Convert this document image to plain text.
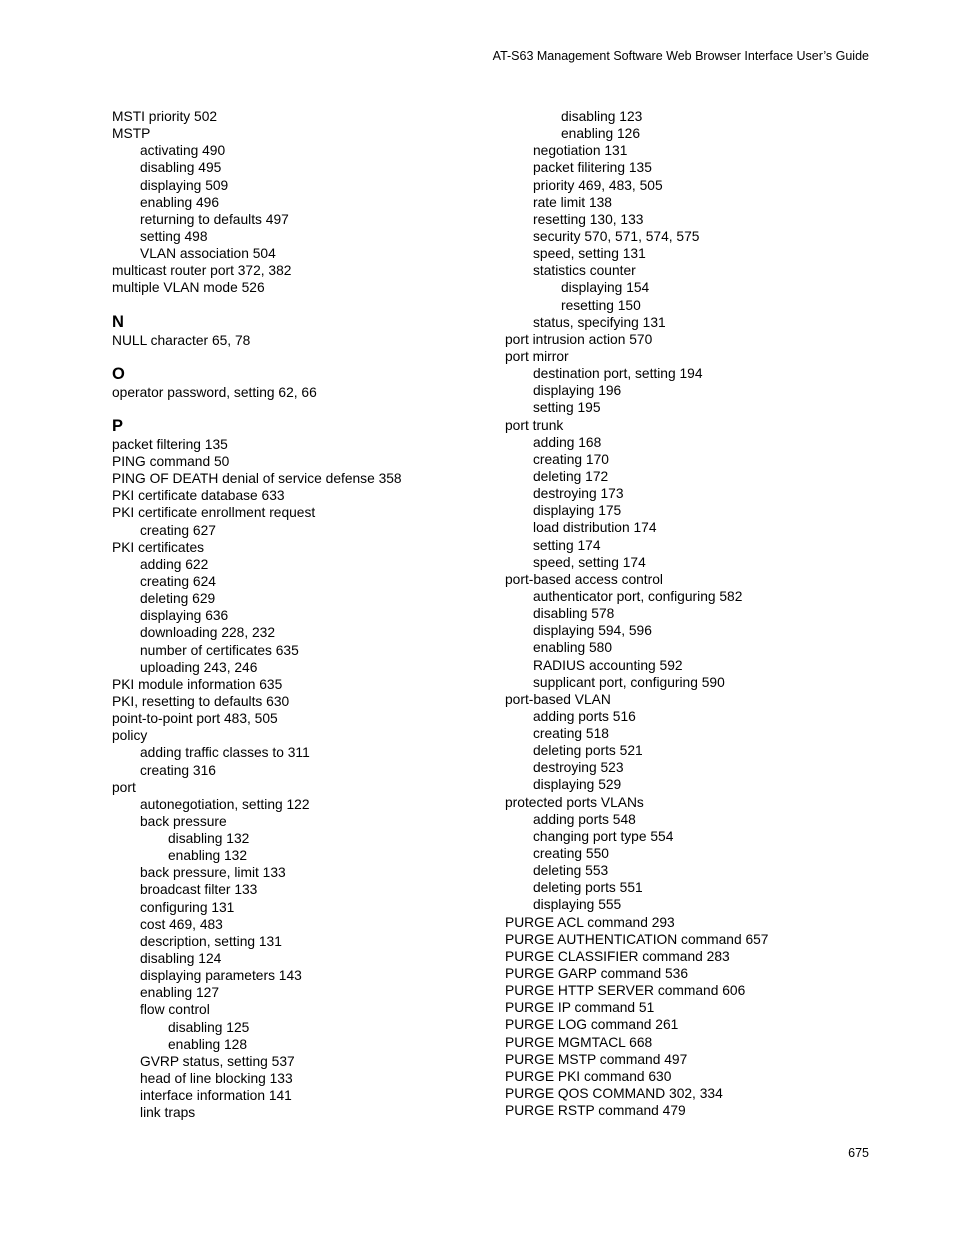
AT-S63 Management Software Web Browser Interface User’s Guide
MSTI priority 502
MSTP
activating 490
disabling 495
displaying 509
enabling 496
returning to defaults 497
setting 498
VLAN association 504
multicast router port 372, 382
multiple VLAN mode 526
N
NULL character 65, 78
O
operator password, setting 62, 66
P
packet filtering 135
PING command 50
PING OF DEATH denial of service defense 358
PKI certificate database 633
PKI certificate enrollment request
creating 627
PKI certificates
adding 622
creating 624
deleting 629
displaying 636
downloading 228, 232
number of certificates 635
uploading 243, 246
PKI module information 635
PKI, resetting to defaults 630
point-to-point port 483, 505
policy
adding traffic classes to 311
creating 316
port
autonegotiation, setting 122
back pressure
disabling 132
enabling 132
back pressure, limit 133
broadcast filter 133
configuring 131
cost 469, 483
description, setting 131
disabling 124
displaying parameters 143
enabling 127
flow control
disabling 125
enabling 128
GVRP status, setting 537
head of line blocking 133
interface information 141
link traps
disabling 123
enabling 126
negotiation 131
packet filitering 135
priority 469, 483, 505
rate limit 138
resetting 130, 133
security 570, 571, 574, 575
speed, setting 131
statistics counter
displaying 154
resetting 150
status, specifying 131
port intrusion action 570
port mirror
destination port, setting 194
displaying 196
setting 195
port trunk
adding 168
creating 170
deleting 172
destroying 173
displaying 175
load distribution 174
setting 174
speed, setting 174
port-based access control
authenticator port, configuring 582
disabling 578
displaying 594, 596
enabling 580
RADIUS accounting 592
supplicant port, configuring 590
port-based VLAN
adding ports 516
creating 518
deleting ports 521
destroying 523
displaying 529
protected ports VLANs
adding ports 548
changing port type 554
creating 550
deleting 553
deleting ports 551
displaying 555
PURGE ACL command 293
PURGE AUTHENTICATION command 657
PURGE CLASSIFIER command 283
PURGE GARP command 536
PURGE HTTP SERVER command 606
PURGE IP command 51
PURGE LOG command 261
PURGE MGMTACL 668
PURGE MSTP command 497
PURGE PKI command 630
PURGE QOS COMMAND 302, 334
PURGE RSTP command 479
675
